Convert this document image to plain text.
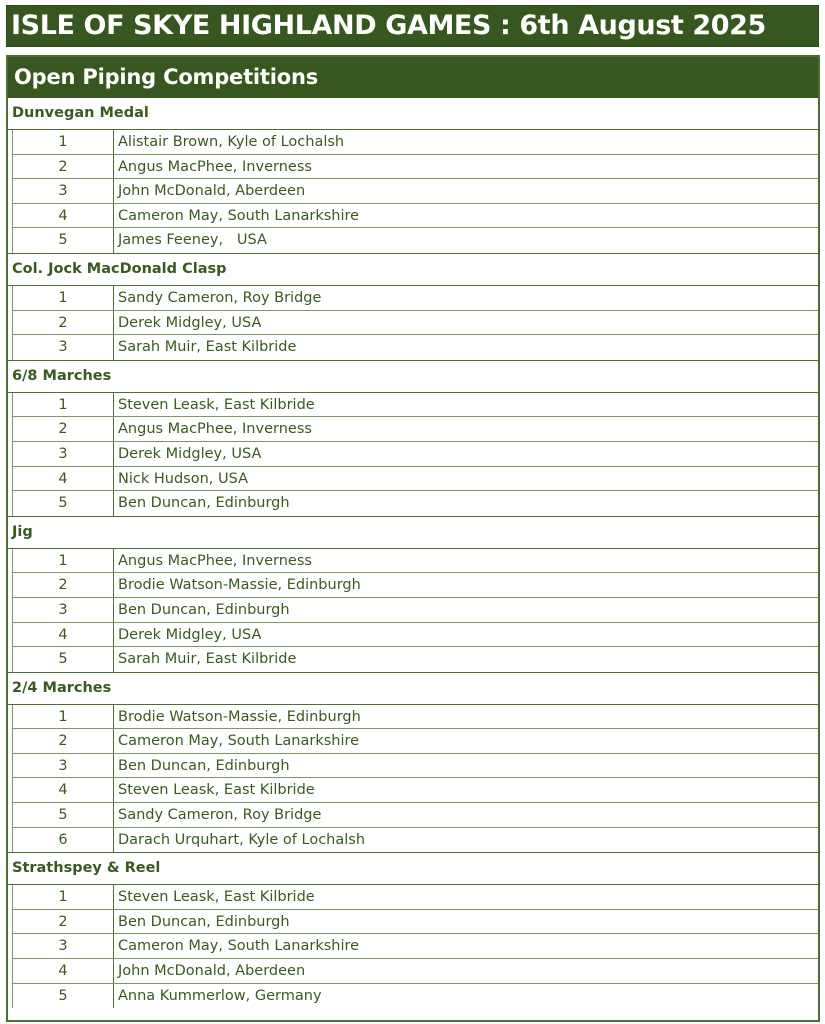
ISLE OF SKYE HIGHLAND GAMES : 6th August 2025
Open Piping Competitions
Dunvegan Medal
1	Alistair Brown, Kyle of Lochalsh
2	Angus MacPhee, Inverness
3	John McDonald, Aberdeen
4	Cameron May, South Lanarkshire
5	James Feeney,   USA
Col. Jock MacDonald Clasp
1	Sandy Cameron, Roy Bridge
2	Derek Midgley, USA
3	Sarah Muir, East Kilbride
6/8 Marches
1	Steven Leask, East Kilbride
2	Angus MacPhee, Inverness
3	Derek Midgley, USA
4	Nick Hudson, USA
5	Ben Duncan, Edinburgh
Jig
1	Angus MacPhee, Inverness
2	Brodie Watson-Massie, Edinburgh
3	Ben Duncan, Edinburgh
4	Derek Midgley, USA
5	Sarah Muir, East Kilbride
2/4 Marches
1	Brodie Watson-Massie, Edinburgh
2	Cameron May, South Lanarkshire
3	Ben Duncan, Edinburgh
4	Steven Leask, East Kilbride
5	Sandy Cameron, Roy Bridge
6	Darach Urquhart, Kyle of Lochalsh
Strathspey & Reel
1	Steven Leask, East Kilbride
2	Ben Duncan, Edinburgh
3	Cameron May, South Lanarkshire
4	John McDonald, Aberdeen
5	Anna Kummerlow, Germany
